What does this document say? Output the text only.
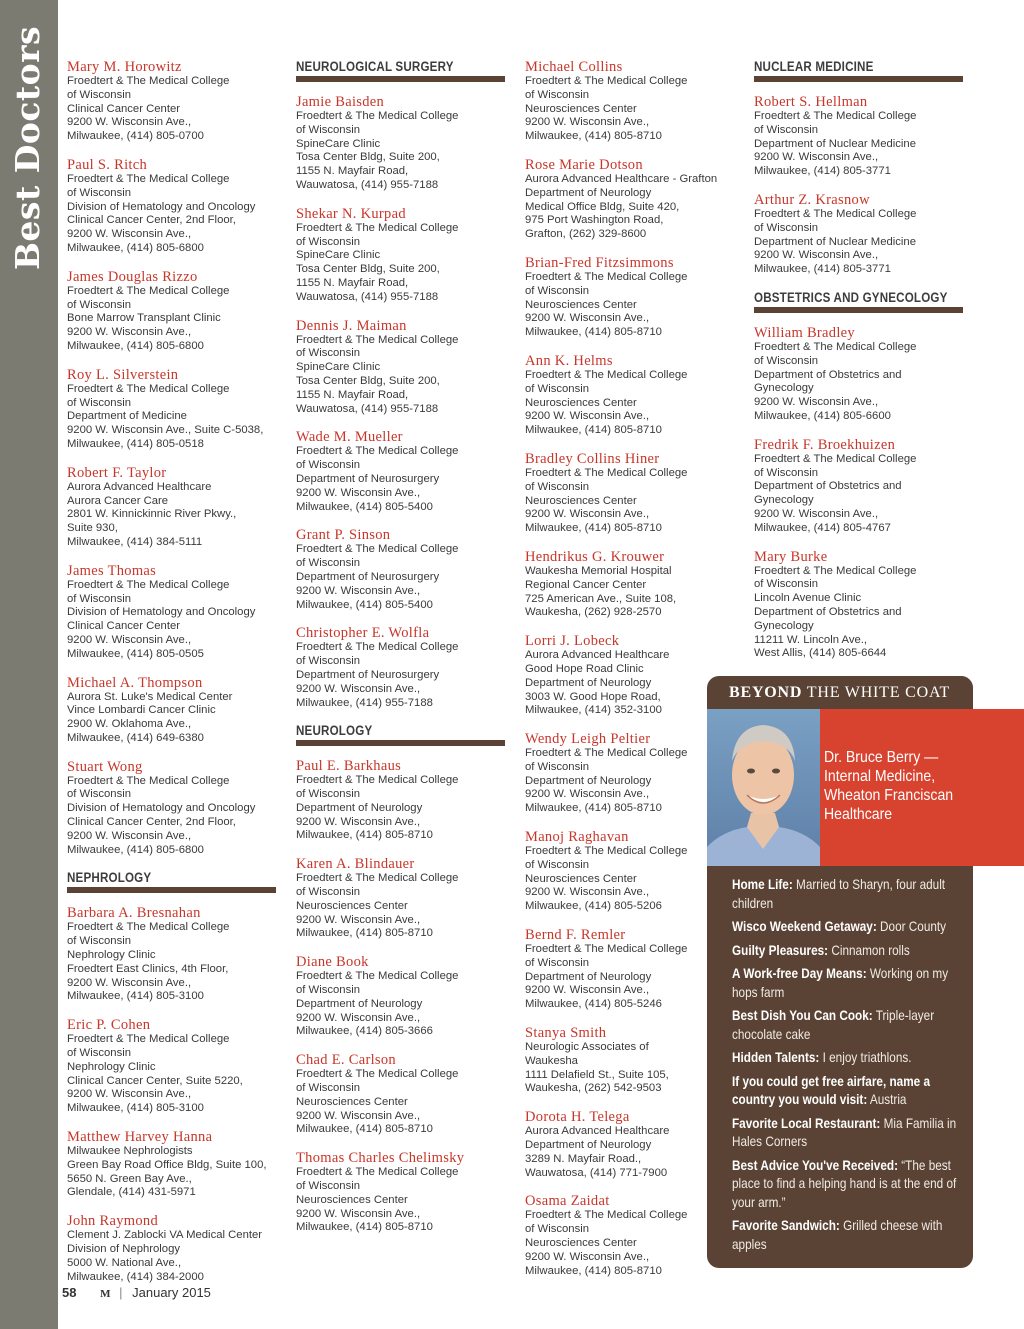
Best Doctors Mary M. Horowitz
Froedtert & The Medical College
of Wisconsin
Clinical Cancer Center
9200 W. Wisconsin Ave.,
Milwaukee, (414) 805-0700
Paul S. Ritch
Froedtert & The Medical College
of Wisconsin
Division of Hematology and Oncology
Clinical Cancer Center, 2nd Floor,
9200 W. Wisconsin Ave.,
Milwaukee, (414) 805-6800
James Douglas Rizzo
Froedtert & The Medical College
of Wisconsin
Bone Marrow Transplant Clinic
9200 W. Wisconsin Ave.,
Milwaukee, (414) 805-6800
Roy L. Silverstein
Froedtert & The Medical College
of Wisconsin
Department of Medicine
9200 W. Wisconsin Ave., Suite C-5038,
Milwaukee, (414) 805-0518
Robert F. Taylor
Aurora Advanced Healthcare
Aurora Cancer Care
2801 W. Kinnickinnic River Pkwy.,
Suite 930,
Milwaukee, (414) 384-5111
James Thomas
Froedtert & The Medical College
of Wisconsin
Division of Hematology and Oncology
Clinical Cancer Center
9200 W. Wisconsin Ave.,
Milwaukee, (414) 805-0505
Michael A. Thompson
Aurora St. Luke's Medical Center
Vince Lombardi Cancer Clinic
2900 W. Oklahoma Ave.,
Milwaukee, (414) 649-6380
Stuart Wong
Froedtert & The Medical College
of Wisconsin
Division of Hematology and Oncology
Clinical Cancer Center, 2nd Floor,
9200 W. Wisconsin Ave.,
Milwaukee, (414) 805-6800
NEPHROLOGY
Barbara A. Bresnahan
Froedtert & The Medical College
of Wisconsin
Nephrology Clinic
Froedtert East Clinics, 4th Floor,
9200 W. Wisconsin Ave.,
Milwaukee, (414) 805-3100
Eric P. Cohen
Froedtert & The Medical College
of Wisconsin
Nephrology Clinic
Clinical Cancer Center, Suite 5220,
9200 W. Wisconsin Ave.,
Milwaukee, (414) 805-3100
Matthew Harvey Hanna
Milwaukee Nephrologists
Green Bay Road Office Bldg, Suite 100,
5650 N. Green Bay Ave.,
Glendale, (414) 431-5971
John Raymond
Clement J. Zablocki VA Medical Center
Division of Nephrology
5000 W. National Ave.,
Milwaukee, (414) 384-2000
NEUROLOGICAL SURGERY
Jamie Baisden
Froedtert & The Medical College
of Wisconsin
SpineCare Clinic
Tosa Center Bldg, Suite 200,
1155 N. Mayfair Road,
Wauwatosa, (414) 955-7188
Shekar N. Kurpad
Froedtert & The Medical College
of Wisconsin
SpineCare Clinic
Tosa Center Bldg, Suite 200,
1155 N. Mayfair Road,
Wauwatosa, (414) 955-7188
Dennis J. Maiman
Froedtert & The Medical College
of Wisconsin
SpineCare Clinic
Tosa Center Bldg, Suite 200,
1155 N. Mayfair Road,
Wauwatosa, (414) 955-7188
Wade M. Mueller
Froedtert & The Medical College
of Wisconsin
Department of Neurosurgery
9200 W. Wisconsin Ave.,
Milwaukee, (414) 805-5400
Grant P. Sinson
Froedtert & The Medical College
of Wisconsin
Department of Neurosurgery
9200 W. Wisconsin Ave.,
Milwaukee, (414) 805-5400
Christopher E. Wolfla
Froedtert & The Medical College
of Wisconsin
Department of Neurosurgery
9200 W. Wisconsin Ave.,
Milwaukee, (414) 955-7188
NEUROLOGY
Paul E. Barkhaus
Froedtert & The Medical College
of Wisconsin
Department of Neurology
9200 W. Wisconsin Ave.,
Milwaukee, (414) 805-8710
Karen A. Blindauer
Froedtert & The Medical College
of Wisconsin
Neurosciences Center
9200 W. Wisconsin Ave.,
Milwaukee, (414) 805-8710
Diane Book
Froedtert & The Medical College
of Wisconsin
Department of Neurology
9200 W. Wisconsin Ave.,
Milwaukee, (414) 805-3666
Chad E. Carlson
Froedtert & The Medical College
of Wisconsin
Neurosciences Center
9200 W. Wisconsin Ave.,
Milwaukee, (414) 805-8710
Thomas Charles Chelimsky
Froedtert & The Medical College
of Wisconsin
Neurosciences Center
9200 W. Wisconsin Ave.,
Milwaukee, (414) 805-8710
Michael Collins
Froedtert & The Medical College
of Wisconsin
Neurosciences Center
9200 W. Wisconsin Ave.,
Milwaukee, (414) 805-8710
Rose Marie Dotson
Aurora Advanced Healthcare - Grafton
Department of Neurology
Medical Office Bldg, Suite 420,
975 Port Washington Road,
Grafton, (262) 329-8600
Brian-Fred Fitzsimmons
Froedtert & The Medical College
of Wisconsin
Neurosciences Center
9200 W. Wisconsin Ave.,
Milwaukee, (414) 805-8710
Ann K. Helms
Froedtert & The Medical College
of Wisconsin
Neurosciences Center
9200 W. Wisconsin Ave.,
Milwaukee, (414) 805-8710
Bradley Collins Hiner
Froedtert & The Medical College
of Wisconsin
Neurosciences Center
9200 W. Wisconsin Ave.,
Milwaukee, (414) 805-8710
Hendrikus G. Krouwer
Waukesha Memorial Hospital
Regional Cancer Center
725 American Ave., Suite 108,
Waukesha, (262) 928-2570
Lorri J. Lobeck
Aurora Advanced Healthcare
Good Hope Road Clinic
Department of Neurology
3003 W. Good Hope Road,
Milwaukee, (414) 352-3100
Wendy Leigh Peltier
Froedtert & The Medical College
of Wisconsin
Department of Neurology
9200 W. Wisconsin Ave.,
Milwaukee, (414) 805-8710
Manoj Raghavan
Froedtert & The Medical College
of Wisconsin
Neurosciences Center
9200 W. Wisconsin Ave.,
Milwaukee, (414) 805-5206
Bernd F. Remler
Froedtert & The Medical College
of Wisconsin
Department of Neurology
9200 W. Wisconsin Ave.,
Milwaukee, (414) 805-5246
Stanya Smith
Neurologic Associates of
Waukesha
1111 Delafield St., Suite 105,
Waukesha, (262) 542-9503
Dorota H. Telega
Aurora Advanced Healthcare
Department of Neurology
3289 N. Mayfair Road.,
Wauwatosa, (414) 771-7900
Osama Zaidat
Froedtert & The Medical College
of Wisconsin
Neurosciences Center
9200 W. Wisconsin Ave.,
Milwaukee, (414) 805-8710
NUCLEAR MEDICINE
Robert S. Hellman
Froedtert & The Medical College
of Wisconsin
Department of Nuclear Medicine
9200 W. Wisconsin Ave.,
Milwaukee, (414) 805-3771
Arthur Z. Krasnow
Froedtert & The Medical College
of Wisconsin
Department of Nuclear Medicine
9200 W. Wisconsin Ave.,
Milwaukee, (414) 805-3771
OBSTETRICS AND GYNECOLOGY
William Bradley
Froedtert & The Medical College
of Wisconsin
Department of Obstetrics and
Gynecology
9200 W. Wisconsin Ave.,
Milwaukee, (414) 805-6600
Fredrik F. Broekhuizen
Froedtert & The Medical College
of Wisconsin
Department of Obstetrics and
Gynecology
9200 W. Wisconsin Ave.,
Milwaukee, (414) 805-4767
Mary Burke
Froedtert & The Medical College
of Wisconsin
Lincoln Avenue Clinic
Department of Obstetrics and
Gynecology
11211 W. Lincoln Ave.,
West Allis, (414) 805-6644
BEYOND THE WHITE COAT
Dr. Bruce Berry —
Internal Medicine,
Wheaton Franciscan
Healthcare
Home Life: Married to Sharyn, four adult children
Wisco Weekend Getaway: Door County
Guilty Pleasures: Cinnamon rolls
A Work-free Day Means: Working on my hops farm
Best Dish You Can Cook: Triple-layer chocolate cake
Hidden Talents: I enjoy triathlons.
If you could get free airfare, name a country you would visit: Austria
Favorite Local Restaurant: Mia Familia in Hales Corners
Best Advice You've Received: “The best place to find a helping hand is at the end of your arm.”
Favorite Sandwich: Grilled cheese with apples
58 M | January 2015
